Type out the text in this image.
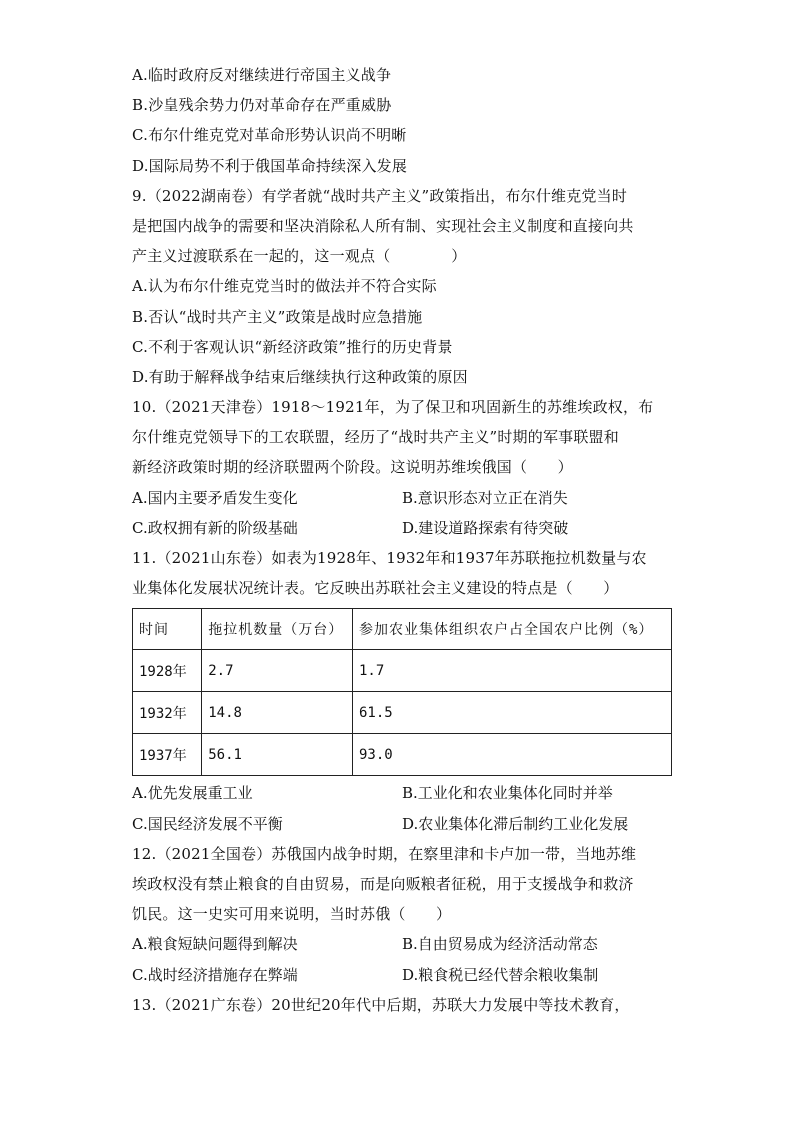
A.临时政府反对继续进行帝国主义战争
B.沙皇残余势力仍对革命存在严重威胁
C.布尔什维克党对革命形势认识尚不明晰
D.国际局势不利于俄国革命持续深入发展
9.（2022湖南卷）有学者就“战时共产主义”政策指出，布尔什维克党当时
是把国内战争的需要和坚决消除私人所有制、实现社会主义制度和直接向共
产主义过渡联系在一起的，这一观点（　　　　）
A.认为布尔什维克党当时的做法并不符合实际
B.否认“战时共产主义”政策是战时应急措施
C.不利于客观认识“新经济政策”推行的历史背景
D.有助于解释战争结束后继续执行这种政策的原因
10.（2021天津卷）1918～1921年，为了保卫和巩固新生的苏维埃政权，布
尔什维克党领导下的工农联盟，经历了“战时共产主义”时期的军事联盟和
新经济政策时期的经济联盟两个阶段。这说明苏维埃俄国（　　）
A.国内主要矛盾发生变化	B.意识形态对立正在消失
C.政权拥有新的阶级基础	D.建设道路探索有待突破
11.（2021山东卷）如表为1928年、1932年和1937年苏联拖拉机数量与农
业集体化发展状况统计表。它反映出苏联社会主义建设的特点是（　　）
时间	拖拉机数量（万台）	参加农业集体组织农户占全国农户比例（%）
1928年	2.7	1.7
1932年	14.8	61.5
1937年	56.1	93.0
A.优先发展重工业	B.工业化和农业集体化同时并举
C.国民经济发展不平衡	D.农业集体化滞后制约工业化发展
12.（2021全国卷）苏俄国内战争时期，在察里津和卡卢加一带，当地苏维
埃政权没有禁止粮食的自由贸易，而是向贩粮者征税，用于支援战争和救济
饥民。这一史实可用来说明，当时苏俄（　　）
A.粮食短缺问题得到解决	B.自由贸易成为经济活动常态
C.战时经济措施存在弊端	D.粮食税已经代替余粮收集制
13.（2021广东卷）20世纪20年代中后期，苏联大力发展中等技术教育，
